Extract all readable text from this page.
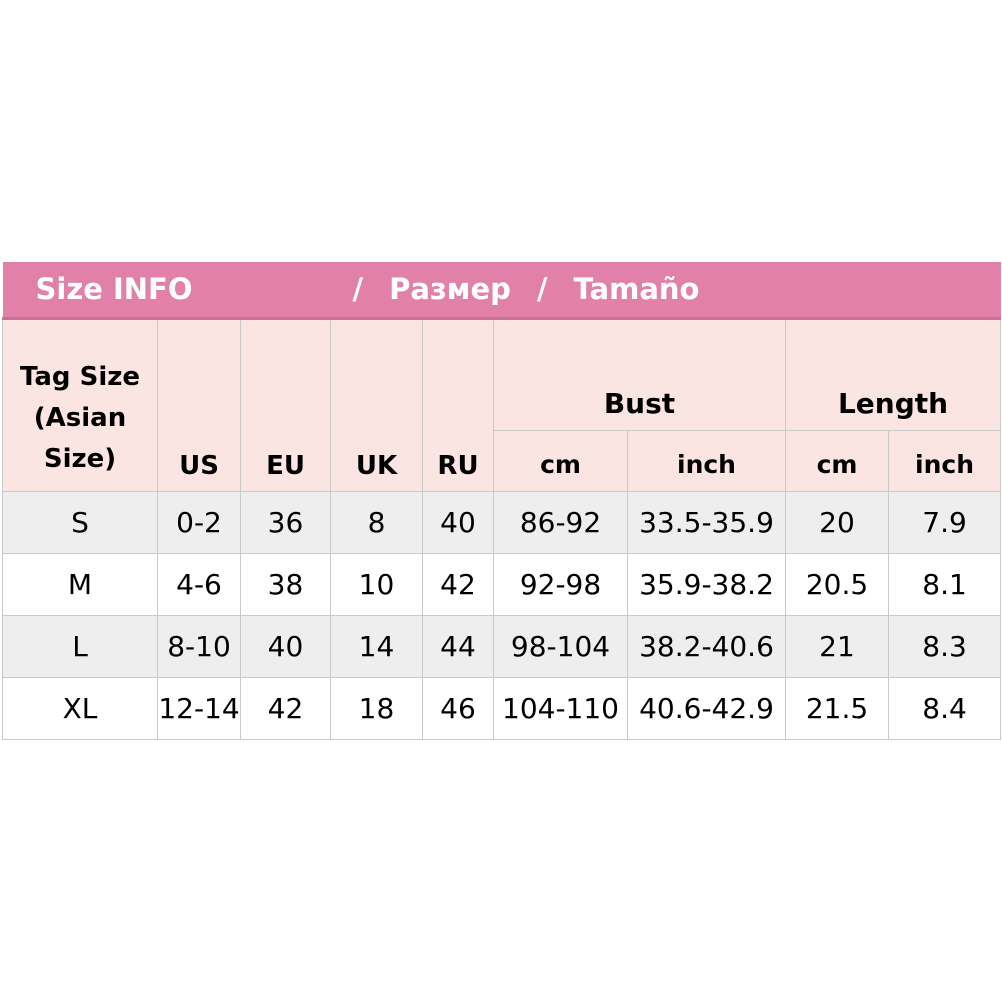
Size INFO / Размер / Tamaño								
Tag Size (Asian Size)	US	EU	UK	RU	Bust		Length	
					cm	inch	cm	inch
S	0-2	36	8	40	86-92	33.5-35.9	20	7.9
M	4-6	38	10	42	92-98	35.9-38.2	20.5	8.1
L	8-10	40	14	44	98-104	38.2-40.6	21	8.3
XL	12-14	42	18	46	104-110	40.6-42.9	21.5	8.4
